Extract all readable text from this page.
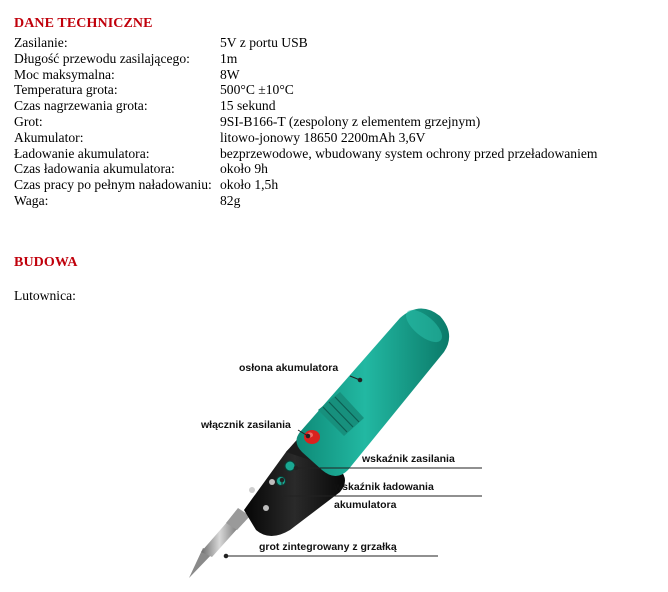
DANE TECHNICZNE
Zasilanie:	5V z portu USB
Długość przewodu zasilającego: 1m
Moc maksymalna:	8W
Temperatura grota:	500°C ±10°C
Czas nagrzewania grota:	15 sekund
Grot:	9SI-B166-T (zespolony z elementem grzejnym)
Akumulator:	litowo-jonowy 18650 2200mAh 3,6V
Ładowanie akumulatora:	bezprzewodowe, wbudowany system ochrony przed przeładowaniem
Czas ładowania akumulatora:	około 9h
Czas pracy po pełnym naładowaniu: około 1,5h
Waga:	82g
BUDOWA
Lutownica:
osłona akumulatora
włącznik zasilania
wskaźnik zasilania
wskaźnik ładowania
akumulatora
grot zintegrowany z grzałką
